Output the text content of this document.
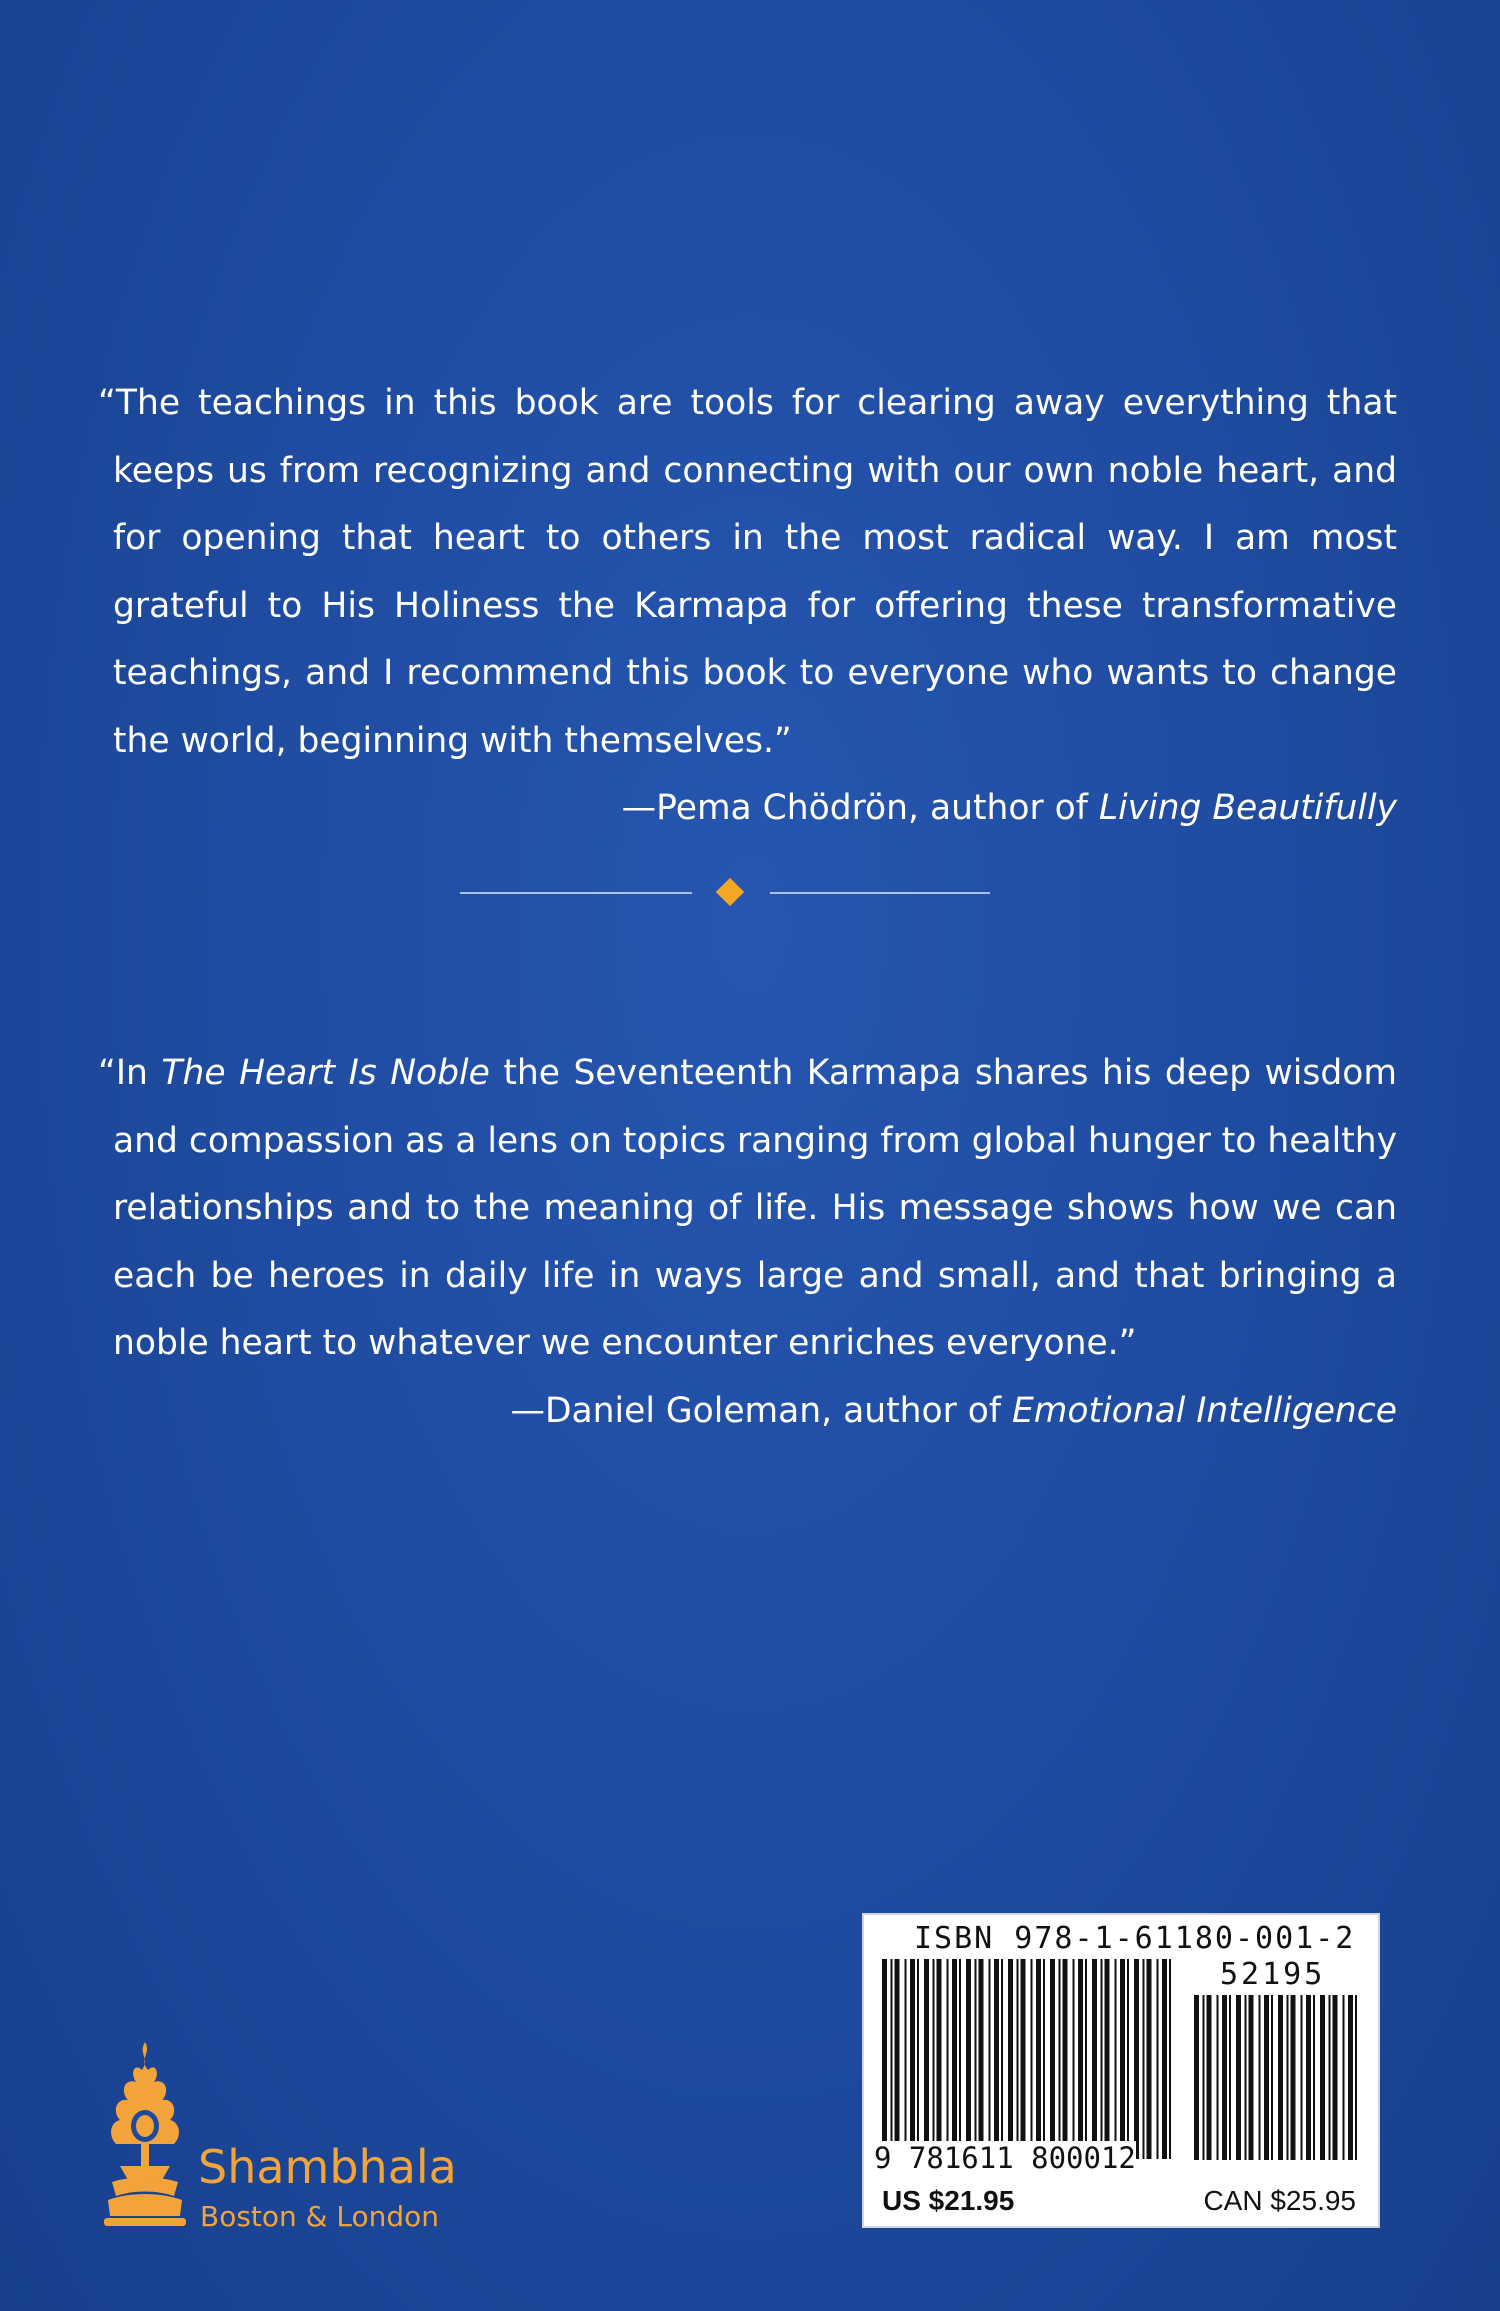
“The teachings in this book are tools for clearing away everything that keeps us from recognizing and connecting with our own noble heart, and for opening that heart to others in the most radical way. I am most grateful to His Holiness the Karmapa for offering these transformative teachings, and I recommend this book to everyone who wants to change the world, beginning with themselves.”

—Pema Chödrön, author of Living Beautifully

“In The Heart Is Noble the Seventeenth Karmapa shares his deep wisdom and compassion as a lens on topics ranging from global hunger to healthy relationships and to the meaning of life. His message shows how we can each be heroes in daily life in ways large and small, and that bringing a noble heart to whatever we encounter enriches everyone.”

—Daniel Goleman, author of Emotional Intelligence

Shambhala

Boston & London

ISBN 978-1-61180-001-2

52195

9 781611 800012

US $21.95	CAN $25.95
